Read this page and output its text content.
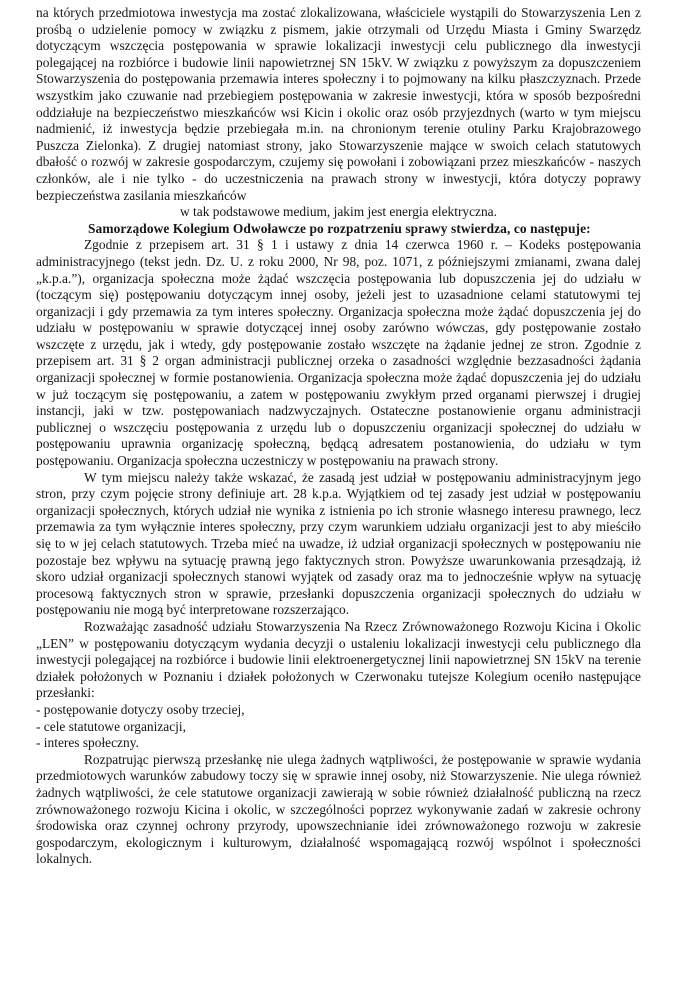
na których przedmiotowa inwestycja ma zostać zlokalizowana, właściciele wystąpili do Stowarzyszenia Len z prośbą o udzielenie pomocy w związku z pismem, jakie otrzymali od Urzędu Miasta i Gminy Swarzędz dotyczącym wszczęcia postępowania w sprawie lokalizacji inwestycji celu publicznego dla inwestycji polegającej na rozbiórce i budowie linii napowietrznej SN 15kV. W związku z powyższym za dopuszczeniem Stowarzyszenia do postępowania przemawia interes społeczny i to pojmowany na kilku płaszczyznach. Przede wszystkim jako czuwanie nad przebiegiem postępowania w zakresie inwestycji, która w sposób bezpośredni oddziałuje na bezpieczeństwo mieszkańców wsi Kicin i okolic oraz osób przyjezdnych (warto w tym miejscu nadmienić, iż inwestycja będzie przebiegała m.in. na chronionym terenie otuliny Parku Krajobrazowego Puszcza Zielonka). Z drugiej natomiast strony, jako Stowarzyszenie mające w swoich celach statutowych dbałość o rozwój w zakresie gospodarczym, czujemy się powołani i zobowiązani przez mieszkańców - naszych członków, ale i nie tylko - do uczestniczenia na prawach strony w inwestycji, która dotyczy poprawy bezpieczeństwa zasilania mieszkańców

w tak podstawowe medium, jakim jest energia elektryczna.

Samorządowe Kolegium Odwoławcze po rozpatrzeniu sprawy stwierdza, co następuje:

Zgodnie z przepisem art. 31 § 1 i ustawy z dnia 14 czerwca 1960 r. – Kodeks postępowania administracyjnego (tekst jedn. Dz. U. z roku 2000, Nr 98, poz. 1071, z późniejszymi zmianami, zwana dalej „k.p.a.”), organizacja społeczna może żądać wszczęcia postępowania lub dopuszczenia jej do udziału w (toczącym się) postępowaniu dotyczącym innej osoby, jeżeli jest to uzasadnione celami statutowymi tej organizacji i gdy przemawia za tym interes społeczny. Organizacja społeczna może żądać dopuszczenia jej do udziału w postępowaniu w sprawie dotyczącej innej osoby zarówno wówczas, gdy postępowanie zostało wszczęte z urzędu, jak i wtedy, gdy postępowanie zostało wszczęte na żądanie jednej ze stron. Zgodnie z przepisem art. 31 § 2 organ administracji publicznej orzeka o zasadności względnie bezzasadności żądania organizacji społecznej w formie postanowienia. Organizacja społeczna może żądać dopuszczenia jej do udziału w już toczącym się postępowaniu, a zatem w postępowaniu zwykłym przed organami pierwszej i drugiej instancji, jaki w tzw. postępowaniach nadzwyczajnych. Ostateczne postanowienie organu administracji publicznej o wszczęciu postępowania z urzędu lub o dopuszczeniu organizacji społecznej do udziału w postępowaniu uprawnia organizację społeczną, będącą adresatem postanowienia, do udziału w tym postępowaniu. Organizacja społeczna uczestniczy w postępowaniu na prawach strony.

W tym miejscu należy także wskazać, że zasadą jest udział w postępowaniu administracyjnym jego stron, przy czym pojęcie strony definiuje art. 28 k.p.a. Wyjątkiem od tej zasady jest udział w postępowaniu organizacji społecznych, których udział nie wynika z istnienia po ich stronie własnego interesu prawnego, lecz przemawia za tym wyłącznie interes społeczny, przy czym warunkiem udziału organizacji jest to aby mieściło się to w jej celach statutowych. Trzeba mieć na uwadze, iż udział organizacji społecznych w postępowaniu nie pozostaje bez wpływu na sytuację prawną jego faktycznych stron. Powyższe uwarunkowania przesądzają, iż skoro udział organizacji społecznych stanowi wyjątek od zasady oraz ma to jednocześnie wpływ na sytuację procesową faktycznych stron w sprawie, przesłanki dopuszczenia organizacji społecznych do udziału w postępowaniu nie mogą być interpretowane rozszerzająco.

Rozważając zasadność udziału Stowarzyszenia Na Rzecz Zrównoważonego Rozwoju Kicina i Okolic „LEN” w postępowaniu dotyczącym wydania decyzji o ustaleniu lokalizacji inwestycji celu publicznego dla inwestycji polegającej na rozbiórce i budowie linii elektroenergetycznej linii napowietrznej SN 15kV na terenie działek położonych w Poznaniu i działek położonych w Czerwonaku tutejsze Kolegium oceniło następujące przesłanki:

- postępowanie dotyczy osoby trzeciej,
- cele statutowe organizacji,
- interes społeczny.

Rozpatrując pierwszą przesłankę nie ulega żadnych wątpliwości, że postępowanie w sprawie wydania przedmiotowych warunków zabudowy toczy się w sprawie innej osoby, niż Stowarzyszenie. Nie ulega również żadnych wątpliwości, że cele statutowe organizacji zawierają w sobie również działalność publiczną na rzecz zrównoważonego rozwoju Kicina i okolic, w szczególności poprzez wykonywanie zadań w zakresie ochrony środowiska oraz czynnej ochrony przyrody, upowszechnianie idei zrównoważonego rozwoju w zakresie gospodarczym, ekologicznym i kulturowym, działalność wspomagającą rozwój wspólnot i społeczności lokalnych.
